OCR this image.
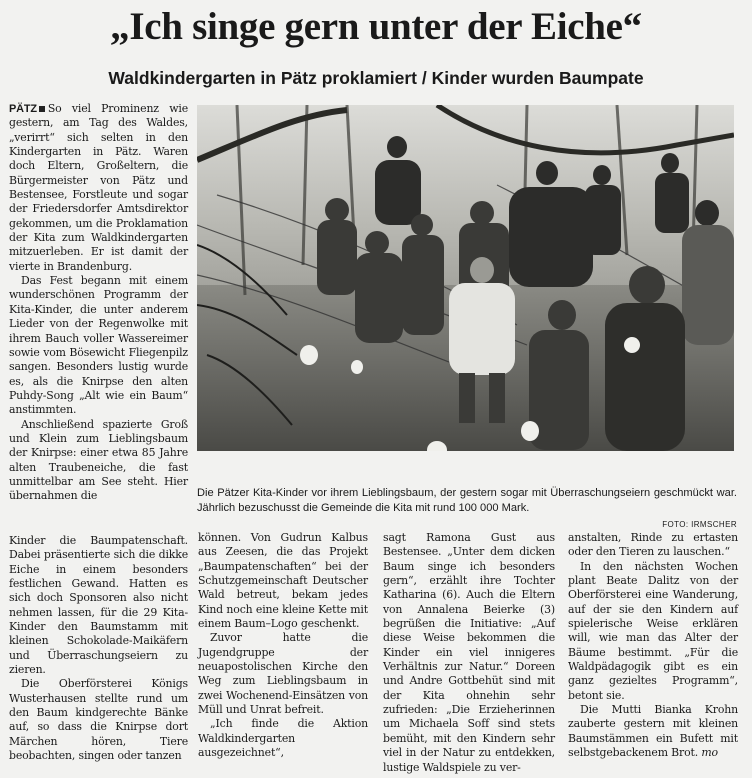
„Ich singe gern unter der Eiche“
Waldkindergarten in Pätz proklamiert / Kinder wurden Baumpate

PÄTZ So viel Prominenz wie gestern, am Tag des Waldes, „verirrt“ sich selten in den Kindergarten in Pätz. Waren doch Eltern, Großeltern, die Bürgermeister von Pätz und Bestensee, Forstleute und sogar der Friedersdorfer Amtsdirektor gekommen, um die Proklamation der Kita zum Waldkindergarten mitzuerleben. Er ist damit der vierte in Brandenburg.

Das Fest begann mit einem wunderschönen Programm der Kita-Kinder, die unter anderem Lieder von der Regenwolke mit ihrem Bauch voller Wassereimer sowie vom Bösewicht Fliegenpilz sangen. Besonders lustig wurde es, als die Knirpse den alten Puhdy-Song „Alt wie ein Baum“ anstimmten.

Anschließend spazierte Groß und Klein zum Lieblingsbaum der Knirpse: einer etwa 85 Jahre alten Traubeneiche, die fast unmittelbar am See steht. Hier übernahmen die

Kinder die Baumpatenschaft. Dabei präsentierte sich die dikke Eiche in einem besonders festlichen Gewand. Hatten es sich doch Sponsoren also nicht nehmen lassen, für die 29 Kita-Kinder den Baumstamm mit kleinen Schokolade-Maikäfern und Überraschungseiern zu zieren.

Die Oberförsterei Königs Wusterhausen stellte rund um den Baum kindgerechte Bänke auf, so dass die Knirpse dort Märchen hören, Tiere beobachten, singen oder tanzen

Die Pätzer Kita-Kinder vor ihrem Lieblingsbaum, der gestern sogar mit Überraschungseiern geschmückt war. Jährlich bezuschusst die Gemeinde die Kita mit rund 100 000 Mark.

FOTO: IRMSCHER

können. Von Gudrun Kalbus aus Zeesen, die das Projekt „Baumpatenschaften“ bei der Schutzgemeinschaft Deutscher Wald betreut, bekam jedes Kind noch eine kleine Kette mit einem Baum–Logo geschenkt.

Zuvor hatte die Jugendgruppe der neuapostolischen Kirche den Weg zum Lieblingsbaum in zwei Wochenend-Einsätzen von Müll und Unrat befreit.

„Ich finde die Aktion Waldkindergarten ausgezeichnet“,

sagt Ramona Gust aus Bestensee. „Unter dem dicken Baum singe ich besonders gern“, erzählt ihre Tochter Katharina (6). Auch die Eltern von Annalena Beierke (3) begrüßen die Initiative: „Auf diese Weise bekommen die Kinder ein viel innigeres Verhältnis zur Natur.“ Doreen und Andre Gottbehüt sind mit der Kita ohnehin sehr zufrieden: „Die Erzieherinnen um Michaela Soff sind stets bemüht, mit den Kindern sehr viel in der Natur zu entdekken, lustige Waldspiele zu ver-

anstalten, Rinde zu ertasten oder den Tieren zu lauschen.“

In den nächsten Wochen plant Beate Dalitz von der Oberförsterei eine Wanderung, auf der sie den Kindern auf spielerische Weise erklären will, wie man das Alter der Bäume bestimmt. „Für die Waldpädagogik gibt es ein ganz gezieltes Programm“, betont sie.

Die Mutti Bianka Krohn zauberte gestern mit kleinen Baumstämmen ein Bufett mit selbstgebackenem Brot. mo
